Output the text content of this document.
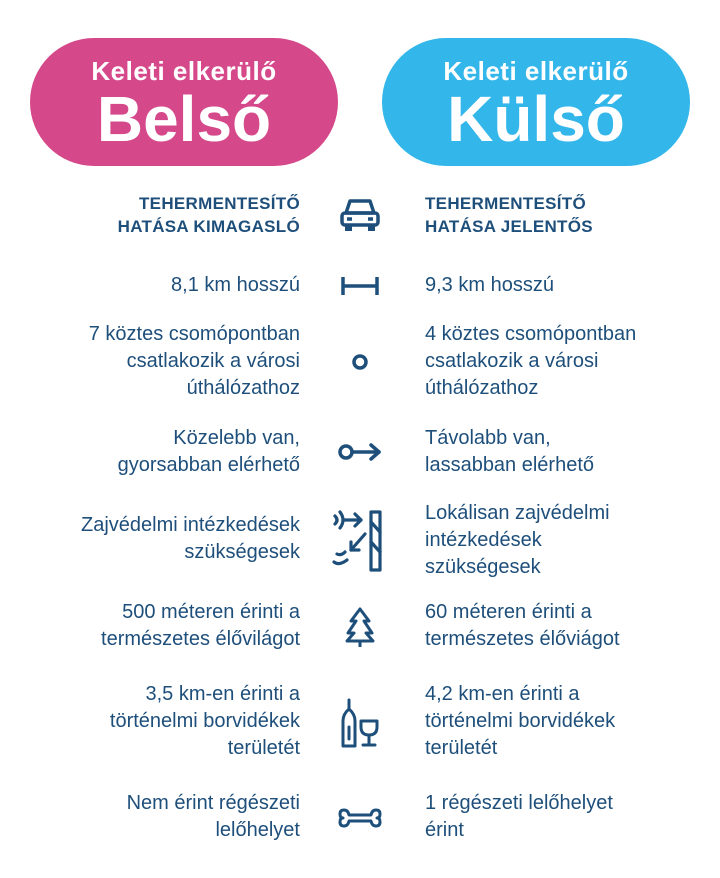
Keleti elkerülő
Belső
Keleti elkerülő
Külső
TEHERMENTESÍTŐ
HATÁSA KIMAGASLÓ
TEHERMENTESÍTŐ
HATÁSA JELENTŐS
8,1 km hosszú	9,3 km hosszú
7 köztes csomópontban
csatlakozik a városi
úthálózathoz
4 köztes csomópontban
csatlakozik a városi
úthálózathoz
Közelebb van,
gyorsabban elérhető
Távolabb van,
lassabban elérhető
Zajvédelmi intézkedések
szükségesek
Lokálisan zajvédelmi
intézkedések
szükségesek
500 méteren érinti a
természetes élővilágot
60 méteren érinti a
természetes élőviágot
3,5 km-en érinti a
történelmi borvidékek
területét
4,2 km-en érinti a
történelmi borvidékek
területét
Nem érint régészeti
lelőhelyet
1 régészeti lelőhelyet
érint
